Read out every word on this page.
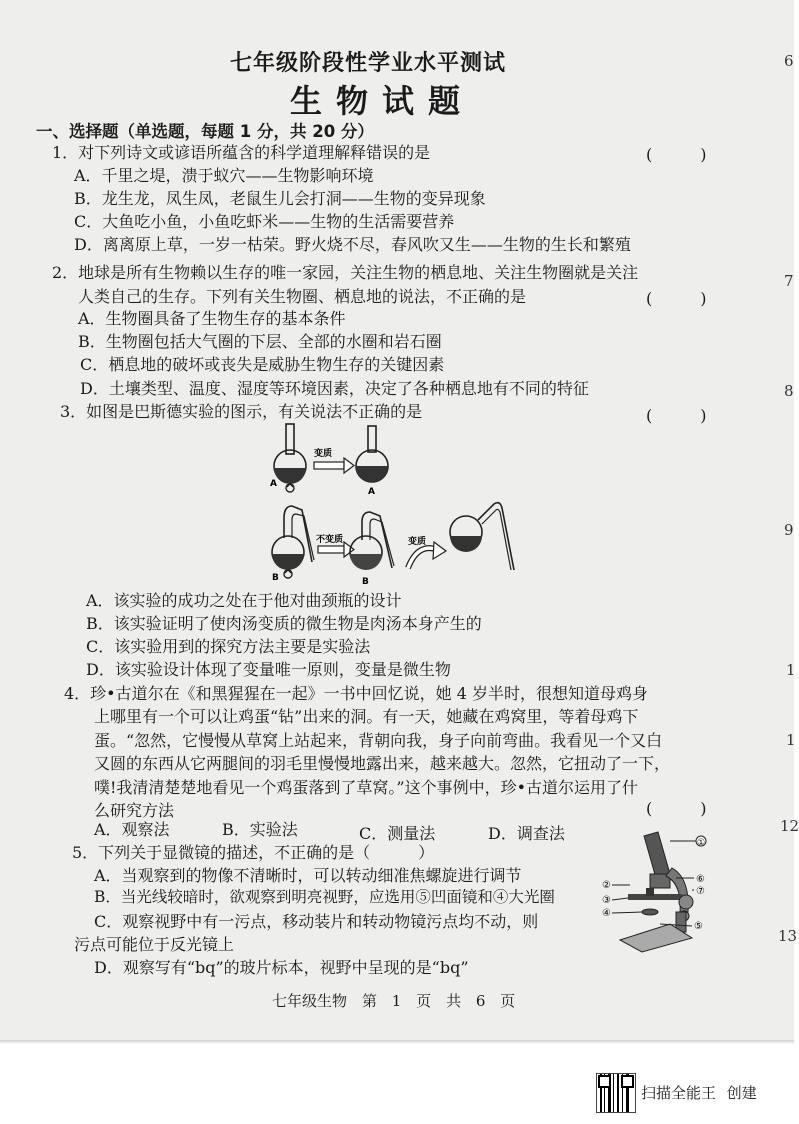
七年级阶段性学业水平测试
生物试题
一、选择题（单选题，每题 1 分，共 20 分）
1．对下列诗文或谚语所蕴含的科学道理解释错误的是	(　　　)
A．千里之堤，溃于蚁穴——生物影响环境
B．龙生龙，凤生凤，老鼠生儿会打洞——生物的变异现象
C．大鱼吃小鱼，小鱼吃虾米——生物的生活需要营养
D．离离原上草，一岁一枯荣。野火烧不尽，春风吹又生——生物的生长和繁殖
2．地球是所有生物赖以生存的唯一家园，关注生物的栖息地、关注生物圈就是关注
人类自己的生存。下列有关生物圈、栖息地的说法，不正确的是	(　　　)
A．生物圈具备了生物生存的基本条件
B．生物圈包括大气圈的下层、全部的水圈和岩石圈
C．栖息地的破坏或丧失是威胁生物生存的关键因素
D．土壤类型、温度、湿度等环境因素，决定了各种栖息地有不同的特征
3．如图是巴斯德实验的图示，有关说法不正确的是	(　　　)
A
变质
A
B
不变质
B
变质
A．该实验的成功之处在于他对曲颈瓶的设计
B．该实验证明了使肉汤变质的微生物是肉汤本身产生的
C．该实验用到的探究方法主要是实验法
D．该实验设计体现了变量唯一原则，变量是微生物
4．珍•古道尔在《和黑猩猩在一起》一书中回忆说，她 4 岁半时，很想知道母鸡身
上哪里有一个可以让鸡蛋“钻”出来的洞。有一天，她藏在鸡窝里，等着母鸡下
蛋。“忽然，它慢慢从草窝上站起来，背朝向我，身子向前弯曲。我看见一个又白
又圆的东西从它两腿间的羽毛里慢慢地露出来，越来越大。忽然，它扭动了一下，
噗!我清清楚楚地看见一个鸡蛋落到了草窝。”这个事例中，珍•古道尔运用了什
么研究方法	(　　　)
A．观察法	B．实验法	C．测量法	D．调查法
5．下列关于显微镜的描述，不正确的是（　　　）
A．当观察到的物像不清晰时，可以转动细准焦螺旋进行调节
B．当光线较暗时，欲观察到明亮视野，应选用⑤凹面镜和④大光圈
C．观察视野中有一污点，移动装片和转动物镜污点均不动，则
污点可能位于反光镜上
D．观察写有“bq”的玻片标本，视野中呈现的是“bq”
①
②
③
④
⑤
⑥
⑦
6
7
8
9
1
1
12
13
七年级生物　第 1 页　共 6 页
扫描全能王 创建
